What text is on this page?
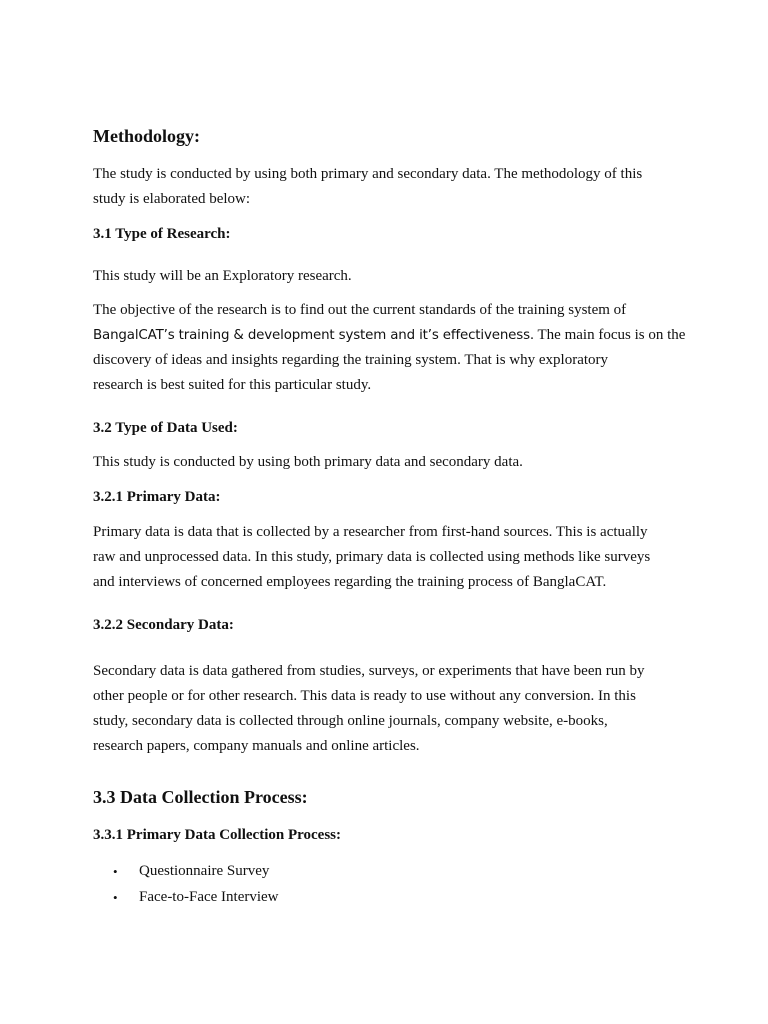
Methodology:

The study is conducted by using both primary and secondary data. The methodology of this

study is elaborated below:

3.1 Type of Research:

This study will be an Exploratory research.

The objective of the research is to find out the current standards of the training system of

BangalCAT’s training & development system and it’s effectiveness. The main focus is on the

discovery of ideas and insights regarding the training system. That is why exploratory

research is best suited for this particular study.

3.2 Type of Data Used:

This study is conducted by using both primary data and secondary data.

3.2.1 Primary Data:

Primary data is data that is collected by a researcher from first-hand sources. This is actually

raw and unprocessed data. In this study, primary data is collected using methods like surveys

and interviews of concerned employees regarding the training process of BanglaCAT.

3.2.2 Secondary Data:

Secondary data is data gathered from studies, surveys, or experiments that have been run by

other people or for other research. This data is ready to use without any conversion. In this

study, secondary data is collected through online journals, company website, e-books,

research papers, company manuals and online articles.

3.3 Data Collection Process:

3.3.1 Primary Data Collection Process:

• Questionnaire Survey
• Face-to-Face Interview
